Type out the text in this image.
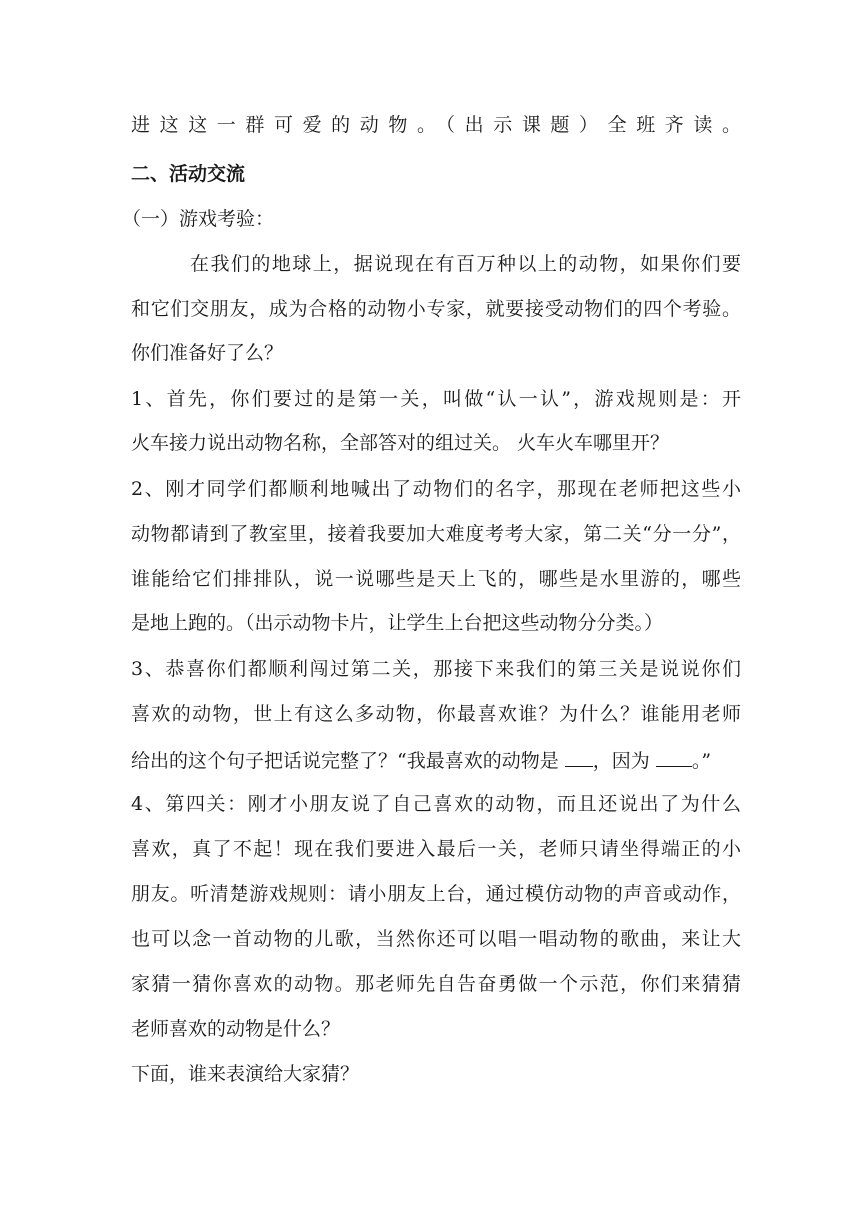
进这这一群可爱的动物。（出示课题）全班齐读。
二、活动交流
（一）游戏考验：
在我们的地球上，据说现在有百万种以上的动物，如果你们要
和它们交朋友，成为合格的动物小专家，就要接受动物们的四个考验。
你们准备好了么？
1、首先，你们要过的是第一关，叫做“认一认”，游戏规则是：开
火车接力说出动物名称，全部答对的组过关。 火车火车哪里开？
2、刚才同学们都顺利地喊出了动物们的名字，那现在老师把这些小
动物都请到了教室里，接着我要加大难度考考大家，第二关“分一分”，
谁能给它们排排队，说一说哪些是天上飞的，哪些是水里游的，哪些
是地上跑的。（出示动物卡片，让学生上台把这些动物分分类。）
3、恭喜你们都顺利闯过第二关，那接下来我们的第三关是说说你们
喜欢的动物，世上有这么多动物，你最喜欢谁？为什么？谁能用老师
给出的这个句子把话说完整了？“我最喜欢的动物是 ，因为 。”
4、第四关：刚才小朋友说了自己喜欢的动物，而且还说出了为什么
喜欢，真了不起！现在我们要进入最后一关，老师只请坐得端正的小
朋友。听清楚游戏规则：请小朋友上台，通过模仿动物的声音或动作，
也可以念一首动物的儿歌，当然你还可以唱一唱动物的歌曲，来让大
家猜一猜你喜欢的动物。那老师先自告奋勇做一个示范，你们来猜猜
老师喜欢的动物是什么？
下面，谁来表演给大家猜？
